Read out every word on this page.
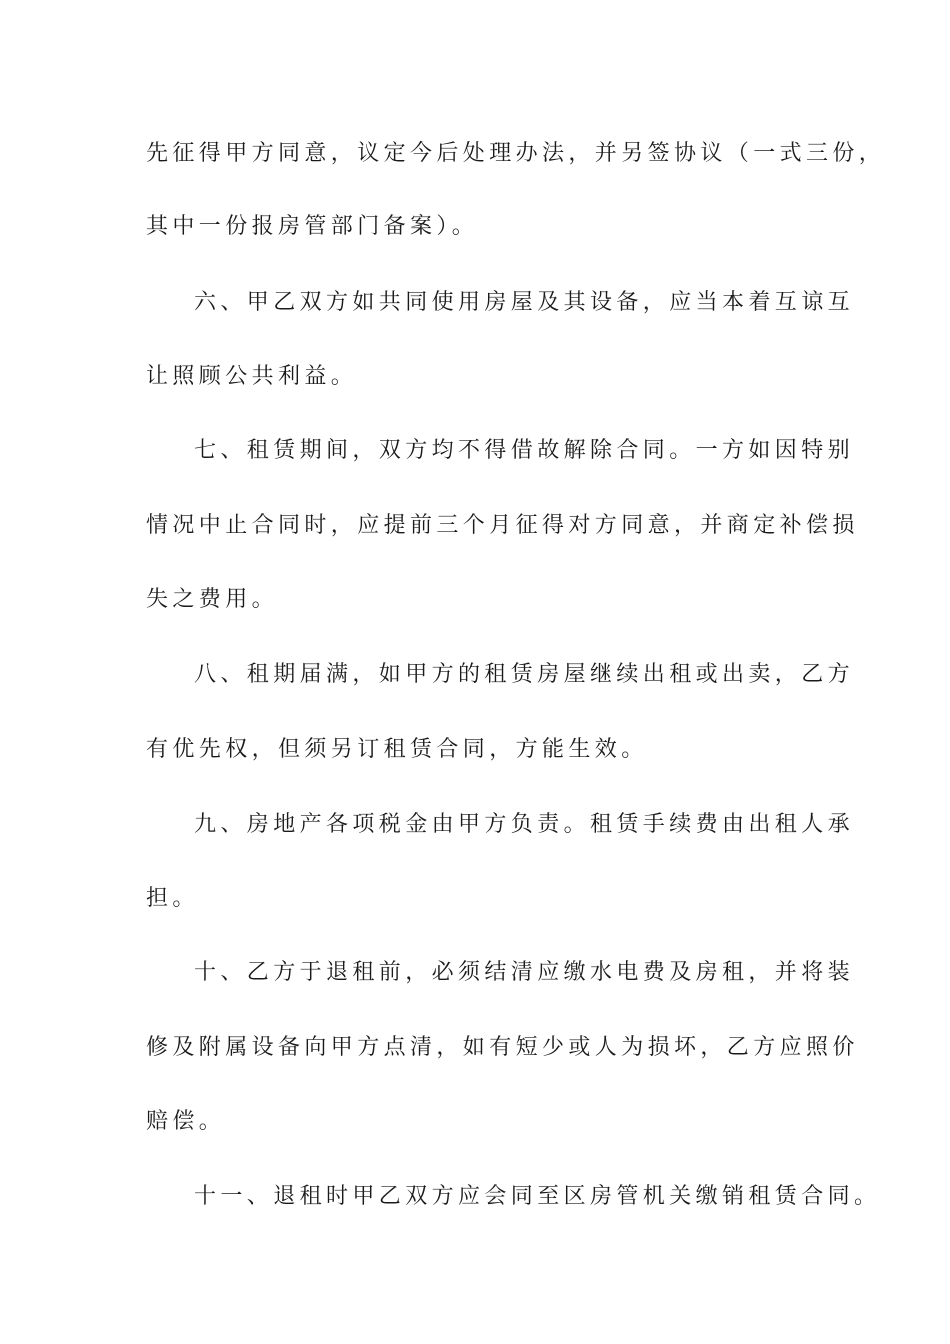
先征得甲方同意，议定今后处理办法，并另签协议（一式三份，
其中一份报房管部门备案）。
六、甲乙双方如共同使用房屋及其设备，应当本着互谅互
让照顾公共利益。
七、租赁期间，双方均不得借故解除合同。一方如因特别
情况中止合同时，应提前三个月征得对方同意，并商定补偿损
失之费用。
八、租期届满，如甲方的租赁房屋继续出租或出卖，乙方
有优先权，但须另订租赁合同，方能生效。
九、房地产各项税金由甲方负责。租赁手续费由出租人承
担。
十、乙方于退租前，必须结清应缴水电费及房租，并将装
修及附属设备向甲方点清，如有短少或人为损坏，乙方应照价
赔偿。
十一、退租时甲乙双方应会同至区房管机关缴销租赁合同。
